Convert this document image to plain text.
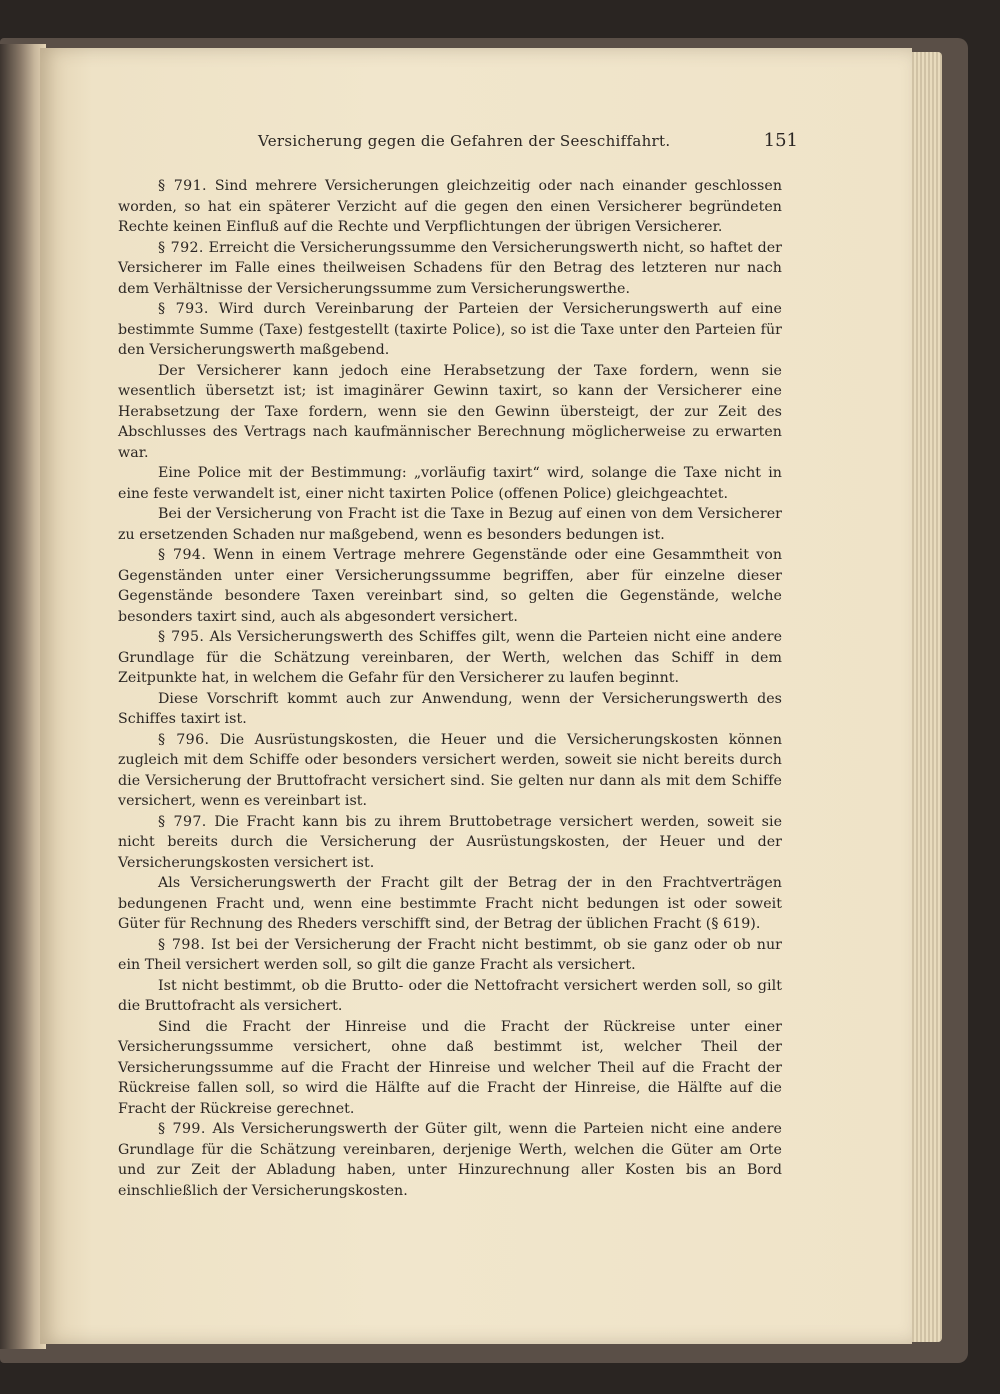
Versicherung gegen die Gefahren der Seeschiffahrt.	151

§ 791. Sind mehrere Versicherungen gleichzeitig oder nach einander geschlossen worden, so hat ein späterer Verzicht auf die gegen den einen Versicherer begründeten Rechte keinen Einfluß auf die Rechte und Verpflichtungen der übrigen Versicherer.

§ 792. Erreicht die Versicherungssumme den Versicherungswerth nicht, so haftet der Versicherer im Falle eines theilweisen Schadens für den Betrag des letzteren nur nach dem Verhältnisse der Versicherungssumme zum Versicherungswerthe.

§ 793. Wird durch Vereinbarung der Parteien der Versicherungswerth auf eine bestimmte Summe (Taxe) festgestellt (taxirte Police), so ist die Taxe unter den Parteien für den Versicherungswerth maßgebend.

Der Versicherer kann jedoch eine Herabsetzung der Taxe fordern, wenn sie wesentlich übersetzt ist; ist imaginärer Gewinn taxirt, so kann der Versicherer eine Herabsetzung der Taxe fordern, wenn sie den Gewinn übersteigt, der zur Zeit des Abschlusses des Vertrags nach kaufmännischer Berechnung möglicherweise zu erwarten war.

Eine Police mit der Bestimmung: „vorläufig taxirt“ wird, solange die Taxe nicht in eine feste verwandelt ist, einer nicht taxirten Police (offenen Police) gleichgeachtet.

Bei der Versicherung von Fracht ist die Taxe in Bezug auf einen von dem Versicherer zu ersetzenden Schaden nur maßgebend, wenn es besonders bedungen ist.

§ 794. Wenn in einem Vertrage mehrere Gegenstände oder eine Gesammtheit von Gegenständen unter einer Versicherungssumme begriffen, aber für einzelne dieser Gegenstände besondere Taxen vereinbart sind, so gelten die Gegenstände, welche besonders taxirt sind, auch als abgesondert versichert.

§ 795. Als Versicherungswerth des Schiffes gilt, wenn die Parteien nicht eine andere Grundlage für die Schätzung vereinbaren, der Werth, welchen das Schiff in dem Zeitpunkte hat, in welchem die Gefahr für den Versicherer zu laufen beginnt.

Diese Vorschrift kommt auch zur Anwendung, wenn der Versicherungswerth des Schiffes taxirt ist.

§ 796. Die Ausrüstungskosten, die Heuer und die Versicherungskosten können zugleich mit dem Schiffe oder besonders versichert werden, soweit sie nicht bereits durch die Versicherung der Bruttofracht versichert sind. Sie gelten nur dann als mit dem Schiffe versichert, wenn es vereinbart ist.

§ 797. Die Fracht kann bis zu ihrem Bruttobetrage versichert werden, soweit sie nicht bereits durch die Versicherung der Ausrüstungskosten, der Heuer und der Versicherungskosten versichert ist.

Als Versicherungswerth der Fracht gilt der Betrag der in den Frachtverträgen bedungenen Fracht und, wenn eine bestimmte Fracht nicht bedungen ist oder soweit Güter für Rechnung des Rheders verschifft sind, der Betrag der üblichen Fracht (§ 619).

§ 798. Ist bei der Versicherung der Fracht nicht bestimmt, ob sie ganz oder ob nur ein Theil versichert werden soll, so gilt die ganze Fracht als versichert.

Ist nicht bestimmt, ob die Brutto- oder die Nettofracht versichert werden soll, so gilt die Bruttofracht als versichert.

Sind die Fracht der Hinreise und die Fracht der Rückreise unter einer Versicherungssumme versichert, ohne daß bestimmt ist, welcher Theil der Versicherungssumme auf die Fracht der Hinreise und welcher Theil auf die Fracht der Rückreise fallen soll, so wird die Hälfte auf die Fracht der Hinreise, die Hälfte auf die Fracht der Rückreise gerechnet.

§ 799. Als Versicherungswerth der Güter gilt, wenn die Parteien nicht eine andere Grundlage für die Schätzung vereinbaren, derjenige Werth, welchen die Güter am Orte und zur Zeit der Abladung haben, unter Hinzurechnung aller Kosten bis an Bord einschließlich der Versicherungskosten.
